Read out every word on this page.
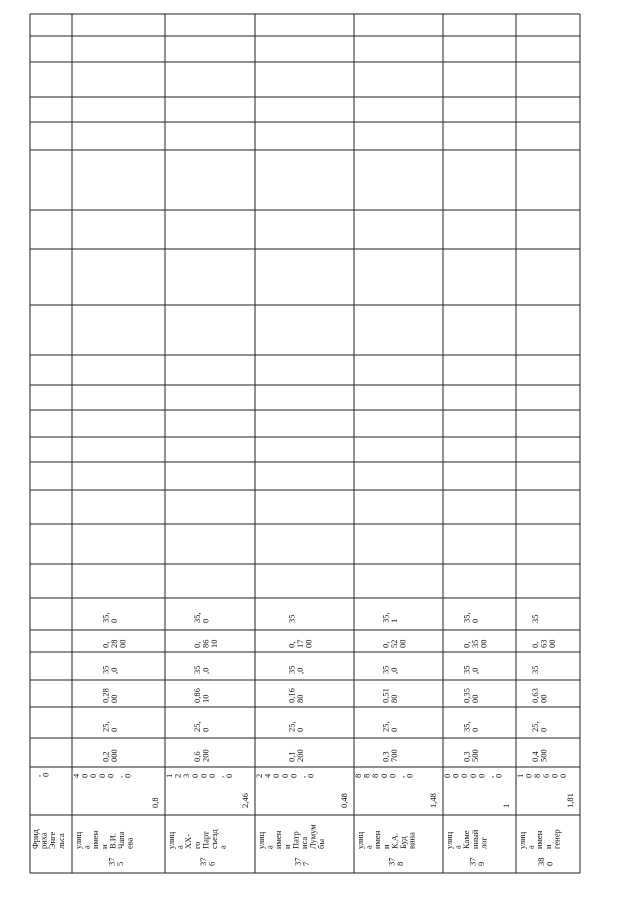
,0
ФридрихаЭнгельса
375
улицаимениВ.И.Чапаева
0,8
40000,0
0,2000
25,0
0,2800
35,0
0,2800
35,0
376
улицаXX-гоПартсъезда
2,46
123000,0
0,6200
25,0
0,8610
35,0
0,8610
35,0
377
улицаимениПатрисаЛумумбы
0,48
24000,0
0,1200
25,0
0,1680
35,0
0,1700
35
378
улицаимениК.А.Будвина
1,48
88800,0
0,3700
25,0
0,5180
35,0
0,5200
35,1
379
улицаКаменныйлог
1
00000,0
0,3500
35,0
0,3500
35,0
0,3500
35,0
380
улицаименигенер
1,81
108600
0,4500
25,0
0,6300
35
0,6300
35
